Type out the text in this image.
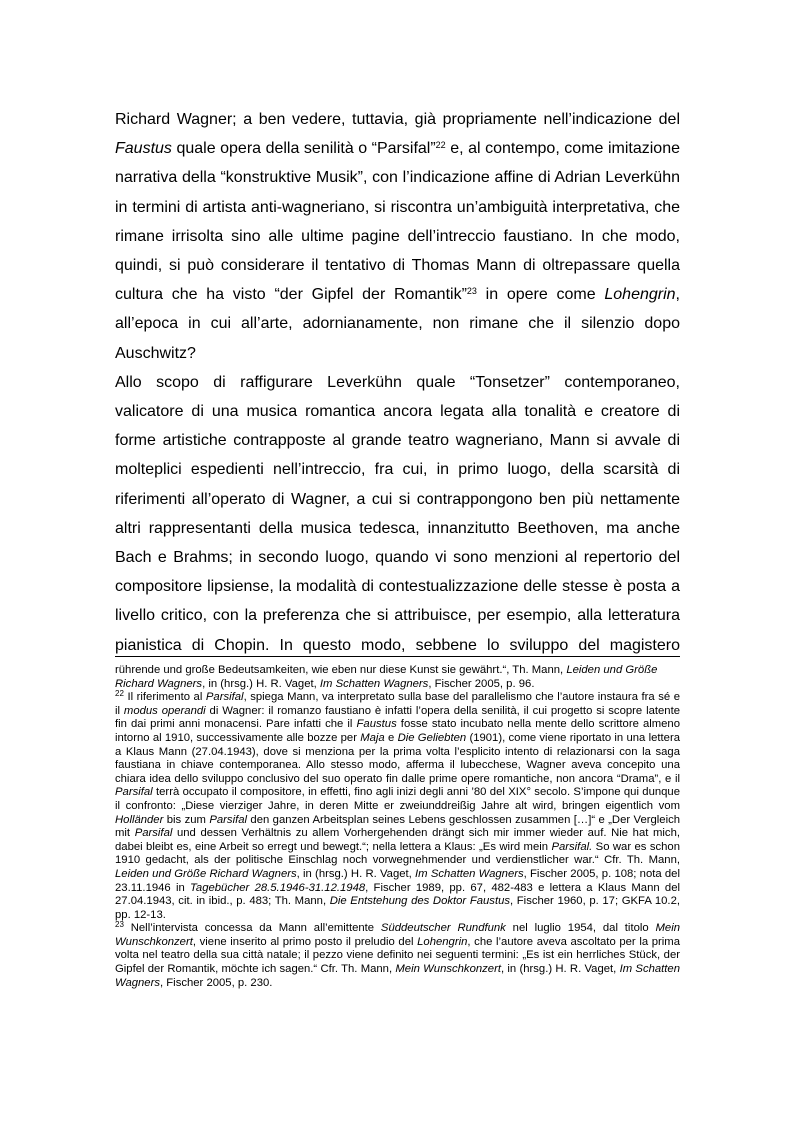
Richard Wagner; a ben vedere, tuttavia, già propriamente nell’indicazione del

Faustus quale opera della senilità o “Parsifal”$^{22}$ e, al contempo, come imitazione

narrativa della “konstruktive Musik”, con l’indicazione affine di Adrian Leverkühn

in termini di artista anti-wagneriano, si riscontra un’ambiguità interpretativa, che

rimane irrisolta sino alle ultime pagine dell’intreccio faustiano. In che modo,

quindi, si può considerare il tentativo di Thomas Mann di oltrepassare quella

cultura che ha visto “der Gipfel der Romantik”$^{23}$ in opere come Lohengrin,

all’epoca in cui all’arte, adornianamente, non rimane che il silenzio dopo

Auschwitz?

Allo scopo di raffigurare Leverkühn quale “Tonsetzer” contemporaneo,

valicatore di una musica romantica ancora legata alla tonalità e creatore di

forme artistiche contrapposte al grande teatro wagneriano, Mann si avvale di

molteplici espedienti nell’intreccio, fra cui, in primo luogo, della scarsità di

riferimenti all’operato di Wagner, a cui si contrappongono ben più nettamente

altri rappresentanti della musica tedesca, innanzitutto Beethoven, ma anche

Bach e Brahms; in secondo luogo, quando vi sono menzioni al repertorio del

compositore lipsiense, la modalità di contestualizzazione delle stesse è posta a

livello critico, con la preferenza che si attribuisce, per esempio, alla letteratura

pianistica di Chopin. In questo modo, sebbene lo sviluppo del magistero

rührende und große Bedeutsamkeiten, wie eben nur diese Kunst sie gewährt.“, Th. Mann, Leiden und Größe Richard Wagners, in (hrsg.) H. R. Vaget, Im Schatten Wagners, Fischer 2005, p. 96.

$^{22}$ Il riferimento al Parsifal, spiega Mann, va interpretato sulla base del parallelismo che l’autore instaura fra sé e il modus operandi di Wagner: il romanzo faustiano è infatti l’opera della senilità, il cui progetto si scopre latente fin dai primi anni monacensi. Pare infatti che il Faustus fosse stato incubato nella mente dello scrittore almeno intorno al 1910, successivamente alle bozze per Maja e Die Geliebten (1901), come viene riportato in una lettera a Klaus Mann (27.04.1943), dove si menziona per la prima volta l’esplicito intento di relazionarsi con la saga faustiana in chiave contemporanea. Allo stesso modo, afferma il lubecchese, Wagner aveva concepito una chiara idea dello sviluppo conclusivo del suo operato fin dalle prime opere romantiche, non ancora “Drama”, e il Parsifal terrà occupato il compositore, in effetti, fino agli inizi degli anni ’80 del XIX° secolo. S’impone qui dunque il confronto: „Diese vierziger Jahre, in deren Mitte er zweiunddreißig Jahre alt wird, bringen eigentlich vom Holländer bis zum Parsifal den ganzen Arbeitsplan seines Lebens geschlossen zusammen […]“ e „Der Vergleich mit Parsifal und dessen Verhältnis zu allem Vorhergehenden drängt sich mir immer wieder auf. Nie hat mich, dabei bleibt es, eine Arbeit so erregt und bewegt.“; nella lettera a Klaus: „Es wird mein Parsifal. So war es schon 1910 gedacht, als der politische Einschlag noch vorwegnehmender und verdienstlicher war.“ Cfr. Th. Mann, Leiden und Größe Richard Wagners, in (hrsg.) H. R. Vaget, Im Schatten Wagners, Fischer 2005, p. 108; nota del 23.11.1946 in Tagebücher 28.5.1946-31.12.1948, Fischer 1989, pp. 67, 482-483 e lettera a Klaus Mann del 27.04.1943, cit. in ibid., p. 483; Th. Mann, Die Entstehung des Doktor Faustus, Fischer 1960, p. 17; GKFA 10.2, pp. 12-13.

$^{23}$ Nell’intervista concessa da Mann all’emittente Süddeutscher Rundfunk nel luglio 1954, dal titolo Mein Wunschkonzert, viene inserito al primo posto il preludio del Lohengrin, che l’autore aveva ascoltato per la prima volta nel teatro della sua città natale; il pezzo viene definito nei seguenti termini: „Es ist ein herrliches Stück, der Gipfel der Romantik, möchte ich sagen.“ Cfr. Th. Mann, Mein Wunschkonzert, in (hrsg.) H. R. Vaget, Im Schatten Wagners, Fischer 2005, p. 230.
